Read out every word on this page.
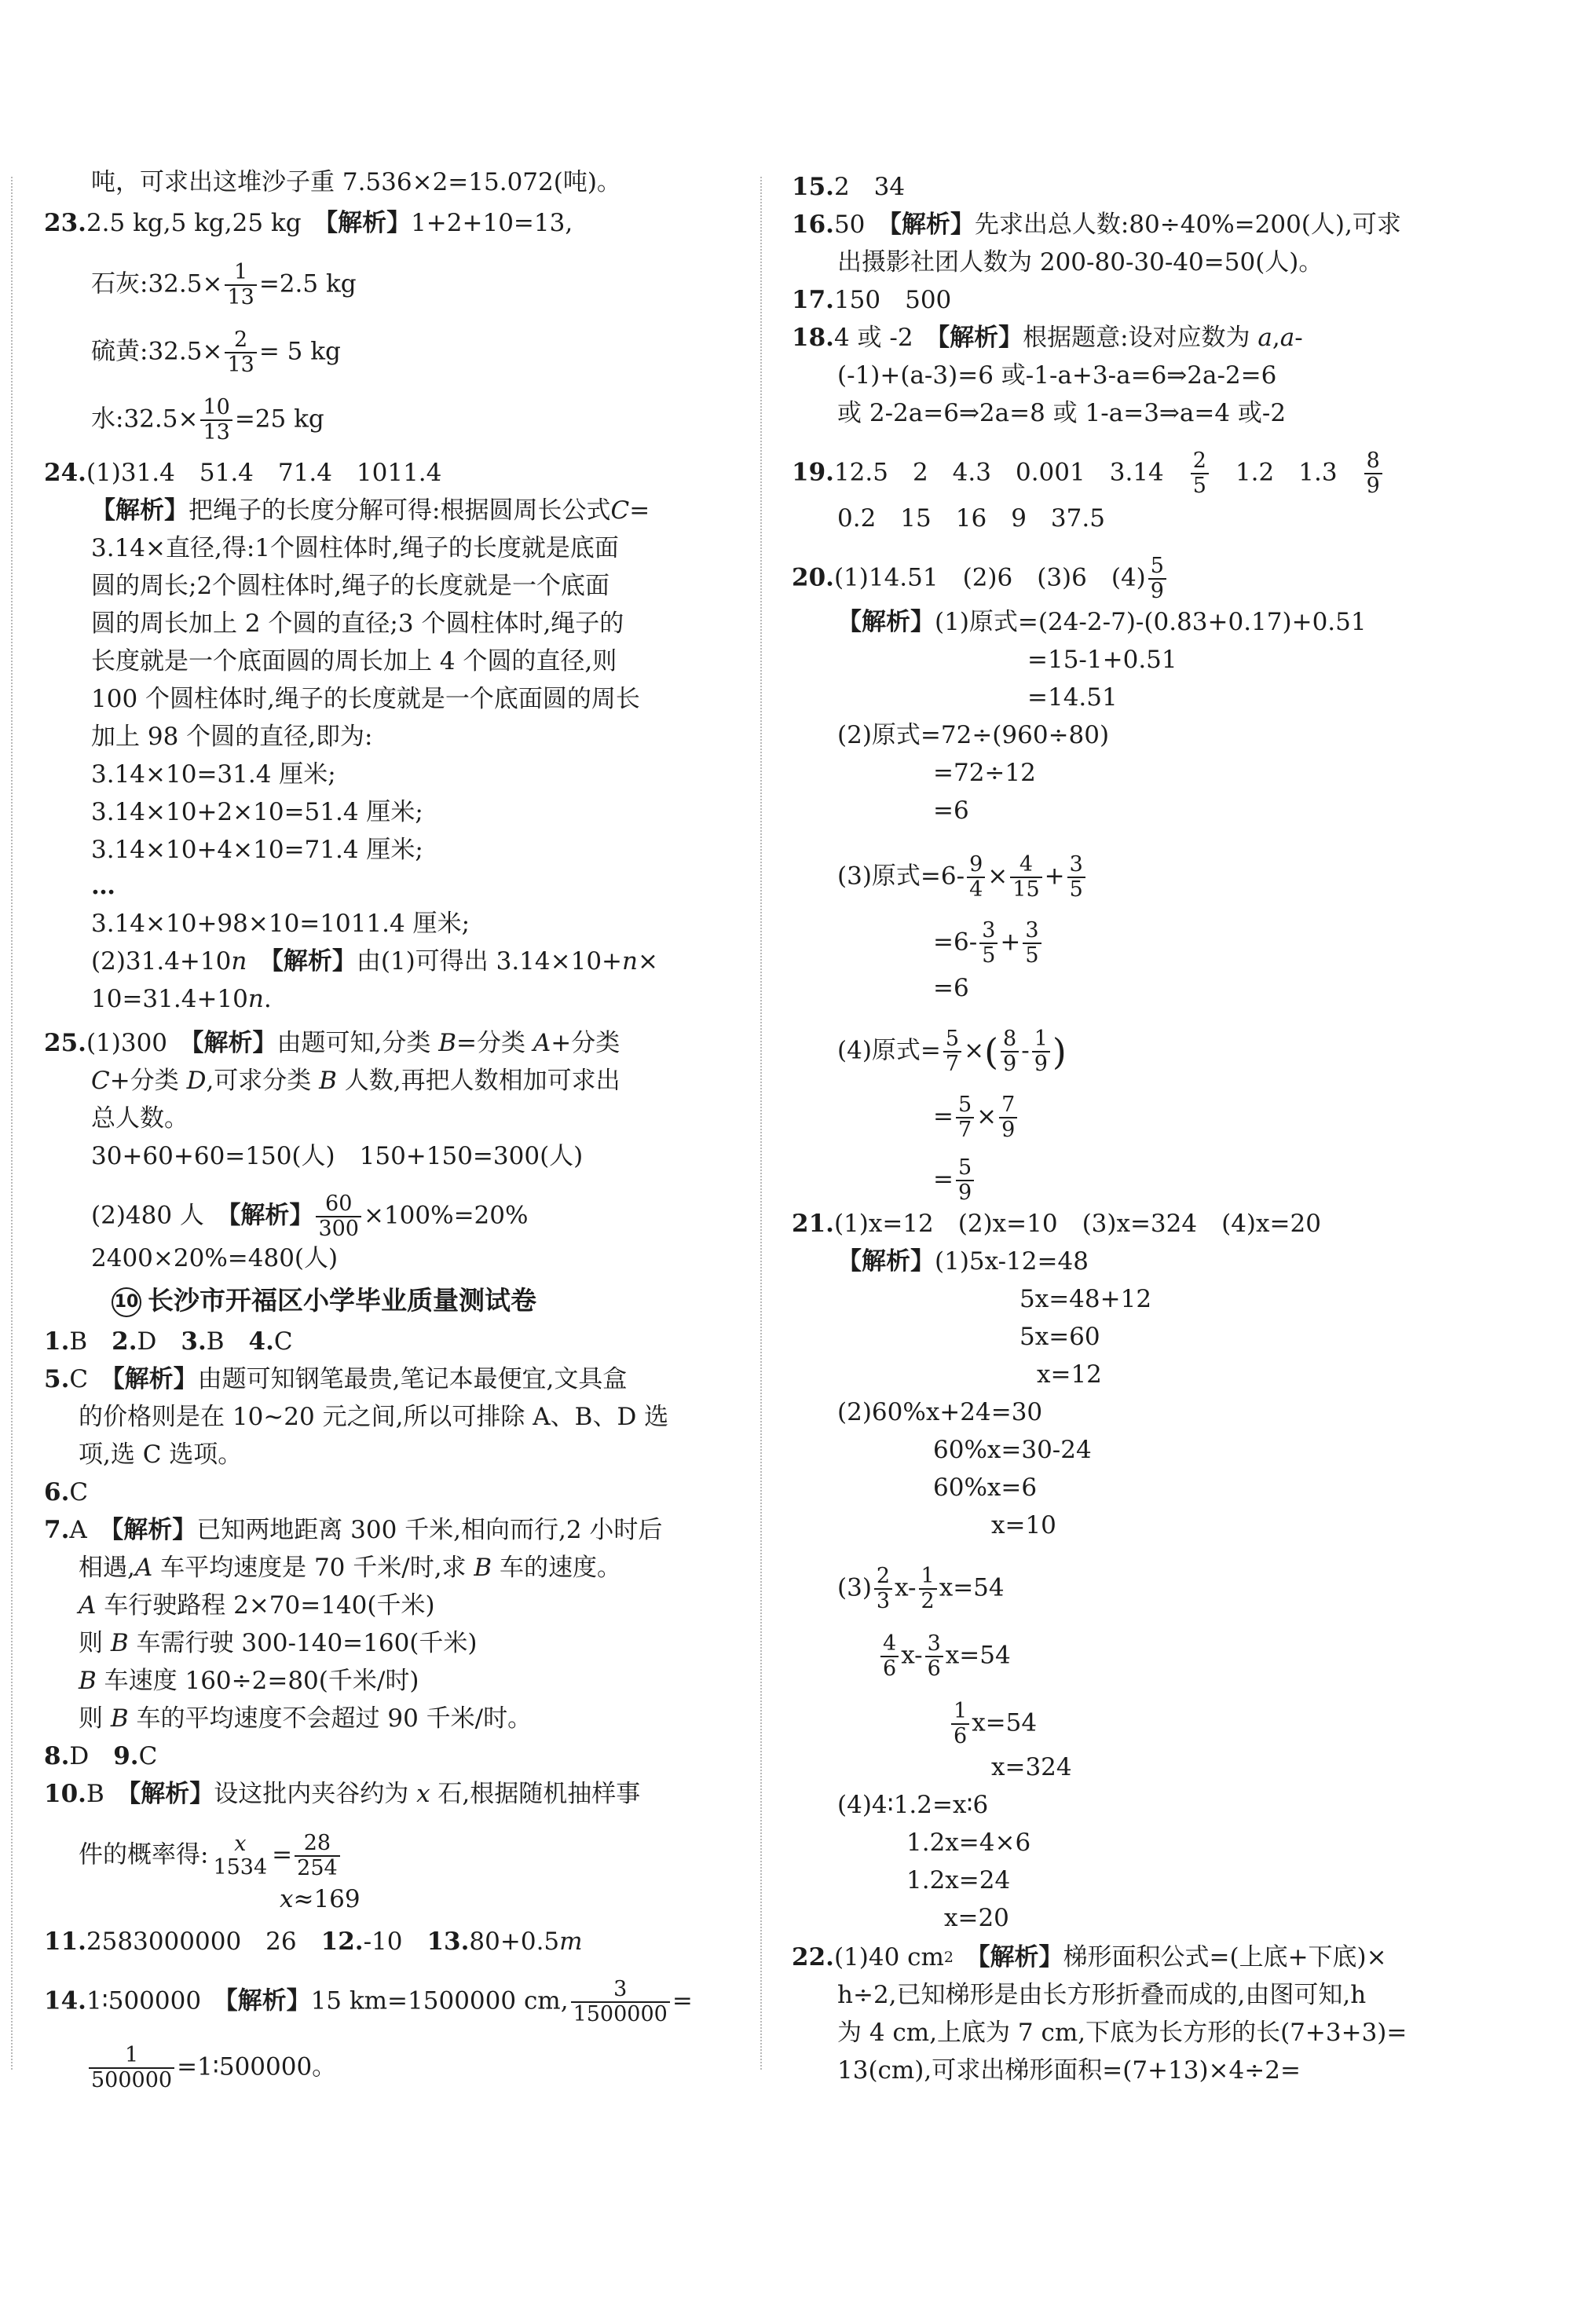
吨，可求出这堆沙子重 7.536×2=15.072(吨)。
23.2.5 kg,5 kg,25 kg　 【解析】1+2+10=13,
石灰:32.5× $\frac{1}{13} =2.5$ kg
硫黄:32.5× $\frac{2}{13} = 5$ kg
水:32.5× $\frac{10}{13} =25$ kg
24.(1)31.4　51.4　71.4　1011.4
【解析】把绳子的长度分解可得:根据圆周长公式C=
3.14×直径,得:1个圆柱体时,绳子的长度就是底面
圆的周长;2个圆柱体时,绳子的长度就是一个底面
圆的周长加上 2 个圆的直径;3 个圆柱体时,绳子的
长度就是一个底面圆的周长加上 4 个圆的直径,则
100 个圆柱体时,绳子的长度就是一个底面圆的周长
加上 98 个圆的直径,即为:
3.14×10=31.4 厘米;
3.14×10+2×10=51.4 厘米;
3.14×10+4×10=71.4 厘米;
…
3.14×10+98×10=1011.4 厘米;
(2)31.4+10n　 【解析】由(1)可得出 3.14×10+n×
10=31.4+10n.
25.(1)300　 【解析】由题可知,分类 B=分类 A+分类
C+分类 D,可求分类 B 人数,再把人数相加可求出
总人数。
30+60+60=150(人)　150+150=300(人)
(2)480 人　 【解析】 $\frac{60}{300} \times 100\%=20\%$
2400×20%=480(人)
10 长沙市开福区小学毕业质量测试卷
1.B　 2.D　 3.B　 4.C
5.C　 【解析】由题可知钢笔最贵,笔记本最便宜,文具盒
的价格则是在 10~20 元之间,所以可排除 A、B、D 选
项,选 C 选项。
6.C
7.A　 【解析】已知两地距离 300 千米,相向而行,2 小时后
相遇,A 车平均速度是 70 千米/时,求 B 车的速度。
A 车行驶路程 2×70=140(千米)
则 B 车需行驶 300-140=160(千米)
B 车速度 160÷2=80(千米/时)
则 B 车的平均速度不会超过 90 千米/时。
8.D　 9.C
10.B　 【解析】设这批内夹谷约为 x 石,根据随机抽样事
件的概率得: x
$1534 = \frac{28}{254}$
x≈169
11.2583000000　26　 12.-10　 13.80+0.5m
14.1∶500000　 【解析】15 km=1500000 cm, $\frac{3}{1500000}$ =
$\frac{1}{500000}$ =1∶500000。
15.2　34
16.50　 【解析】先求出总人数:80÷40%=200(人),可求
出摄影社团人数为 200-80-30-40=50(人)。
17.150　500
18.4 或 -2　 【解析】根据题意:设对应数为 a,a-
(-1)+(a-3)=6 或-1-a+3-a=6⇒2a-2=6
或 2-2a=6⇒2a=8 或 1-a=3⇒a=4 或-2
19.12.5　2　4.3　0.001　3.14　 $\frac{2}{5}$
　 1.2　1.3　 $\frac{8}{9}$
0.2　15　16　9　37.5
20.(1)14.51　(2)6　(3)6　$(4) \frac{5}{9}$
【解析】(1)原式=(24-2-7)-(0.83+0.17)+0.51
=15-1+0.51
=14.51
(2)原式=72÷(960÷80)
=72÷12
=6
(3)原式$=6- \frac{9}{4} \times \frac{4}{15} + \frac{3}{5}$
$=6- \frac{3}{5} + \frac{3}{5}$
=6
(4)原式= $\frac{5}{7}$ ×( $\frac{8}{9} - \frac{1}{9}$ )
= $\frac{5}{7} \times \frac{7}{9}$
= $\frac{5}{9}$
21.(1)x=12　(2)x=10　(3)x=324　(4)x=20
【解析】(1)5x-12=48
5x=48+12
5x=60
x=12
(2)60%x+24=30
60%x=30-24
60%x=6
x=10
$(3) \frac{2}{3} x- \frac{1}{2} x=54$
$\frac{4}{6} x- \frac{3}{6} x=54$
$\frac{1}{6} x=54$
x=324
(4)4∶1.2=x∶6
1.2x=4×6
1.2x=24
x=20
22.(1)40 $cm^2$　 【解析】梯形面积公式=(上底+下底)×
h÷2,已知梯形是由长方形折叠而成的,由图可知,h
为 4 cm,上底为 7 cm,下底为长方形的长(7+3+3)=
13(cm),可求出梯形面积=(7+13)×4÷2=
